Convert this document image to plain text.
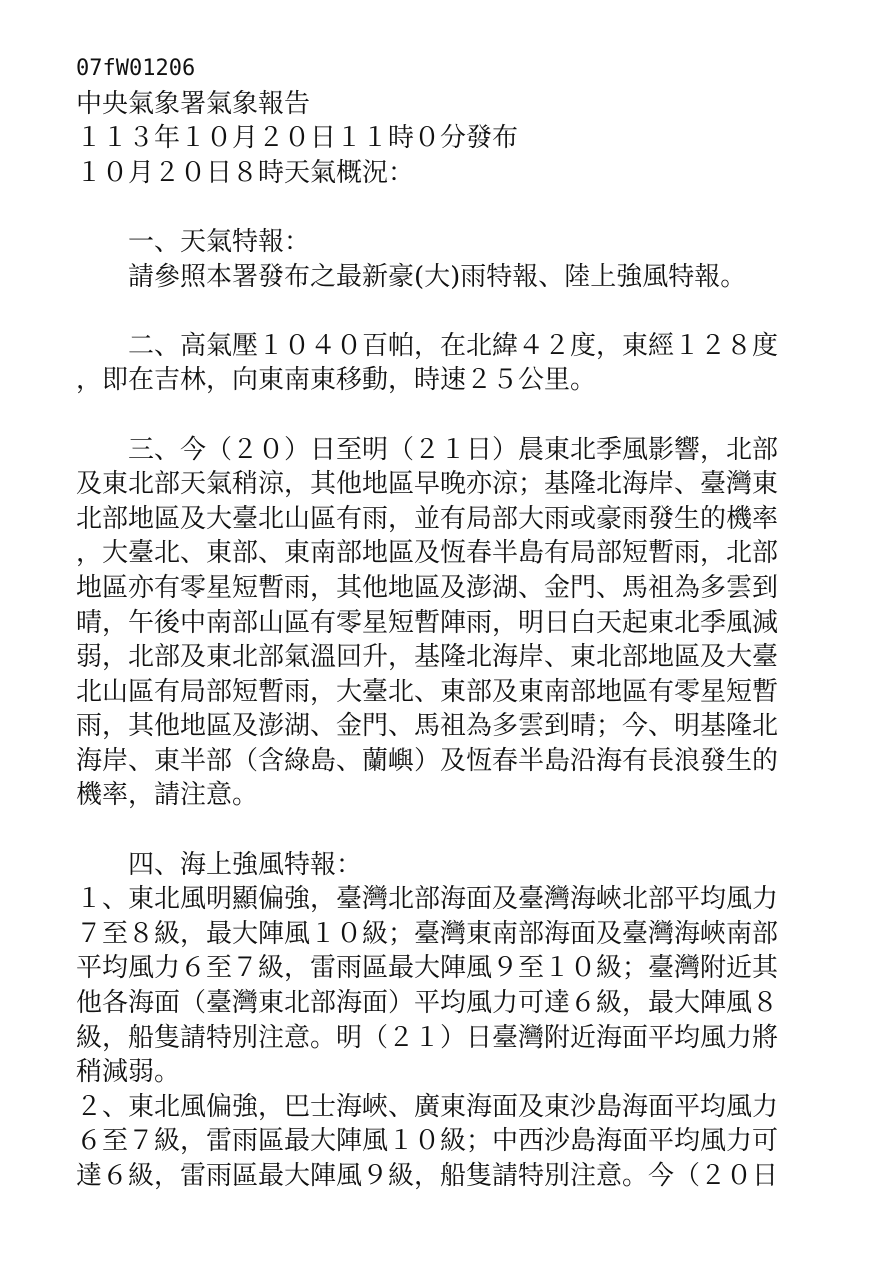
07fW01206
中央氣象署氣象報告
１１３年１０月２０日１１時０分發布
１０月２０日８時天氣概況：
　　一、天氣特報：
　　請參照本署發布之最新豪(大)雨特報、陸上強風特報。
　　二、高氣壓１０４０百帕，在北緯４２度，東經１２８度
，即在吉林，向東南東移動，時速２５公里。
　　三、今（２０）日至明（２１日）晨東北季風影響，北部
及東北部天氣稍涼，其他地區早晚亦涼；基隆北海岸、臺灣東
北部地區及大臺北山區有雨，並有局部大雨或豪雨發生的機率
，大臺北、東部、東南部地區及恆春半島有局部短暫雨，北部
地區亦有零星短暫雨，其他地區及澎湖、金門、馬祖為多雲到
晴，午後中南部山區有零星短暫陣雨，明日白天起東北季風減
弱，北部及東北部氣溫回升，基隆北海岸、東北部地區及大臺
北山區有局部短暫雨，大臺北、東部及東南部地區有零星短暫
雨，其他地區及澎湖、金門、馬祖為多雲到晴；今、明基隆北
海岸、東半部（含綠島、蘭嶼）及恆春半島沿海有長浪發生的
機率，請注意。
　　四、海上強風特報：
１、東北風明顯偏強，臺灣北部海面及臺灣海峽北部平均風力
７至８級，最大陣風１０級；臺灣東南部海面及臺灣海峽南部
平均風力６至７級，雷雨區最大陣風９至１０級；臺灣附近其
他各海面（臺灣東北部海面）平均風力可達６級，最大陣風８
級，船隻請特別注意。明（２１）日臺灣附近海面平均風力將
稍減弱。
２、東北風偏強，巴士海峽、廣東海面及東沙島海面平均風力
６至７級，雷雨區最大陣風１０級；中西沙島海面平均風力可
達６級，雷雨區最大陣風９級，船隻請特別注意。今（２０日
